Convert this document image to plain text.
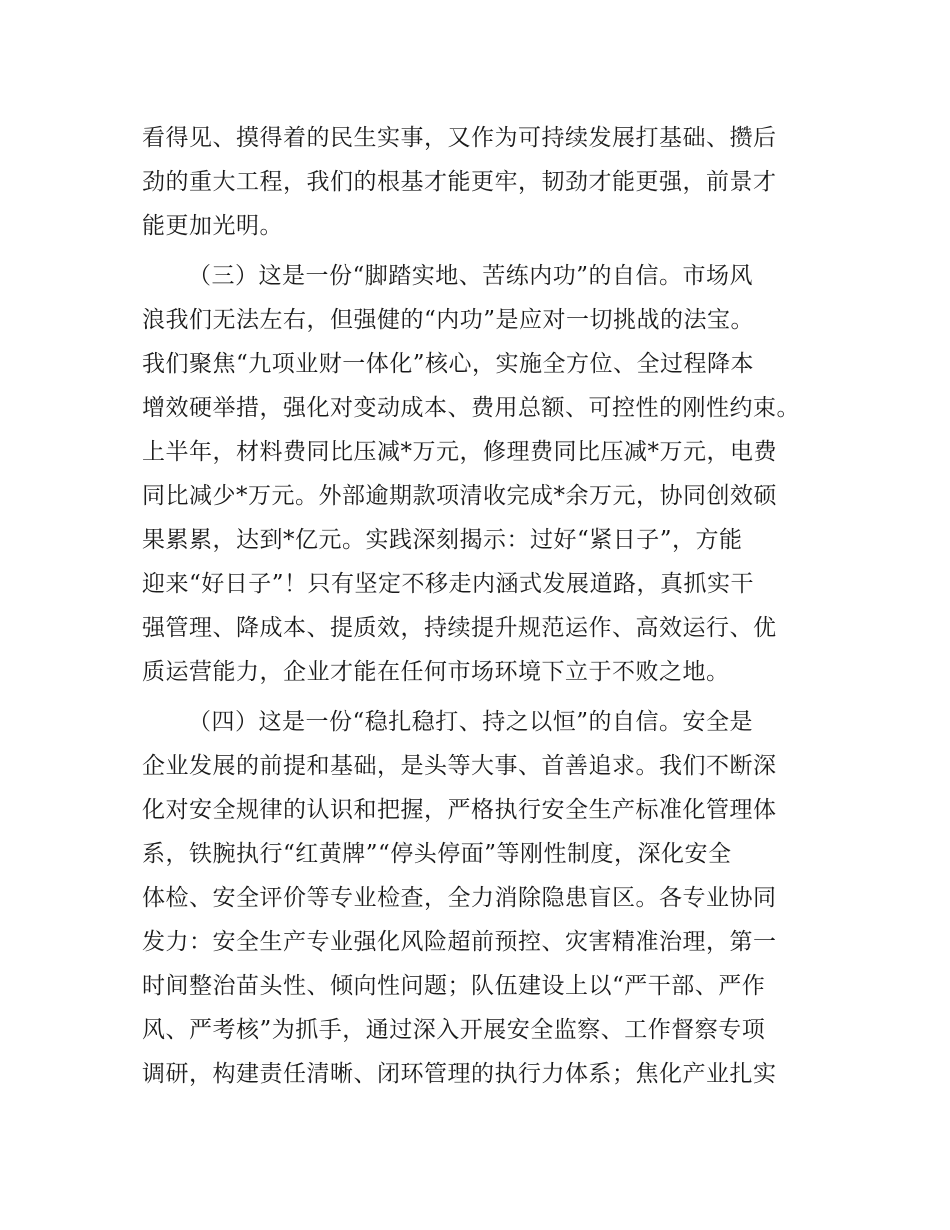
看得见、摸得着的民生实事，又作为可持续发展打基础、攒后
劲的重大工程，我们的根基才能更牢，韧劲才能更强，前景才
能更加光明。
（三）这是一份“脚踏实地、苦练内功”的自信。市场风
浪我们无法左右，但强健的“内功”是应对一切挑战的法宝。
我们聚焦“九项业财一体化”核心，实施全方位、全过程降本
增效硬举措，强化对变动成本、费用总额、可控性的刚性约束。
上半年，材料费同比压减*万元，修理费同比压减*万元，电费
同比减少*万元。外部逾期款项清收完成*余万元，协同创效硕
果累累，达到*亿元。实践深刻揭示：过好“紧日子”，方能
迎来“好日子”！只有坚定不移走内涵式发展道路，真抓实干
强管理、降成本、提质效，持续提升规范运作、高效运行、优
质运营能力，企业才能在任何市场环境下立于不败之地。
（四）这是一份“稳扎稳打、持之以恒”的自信。安全是
企业发展的前提和基础，是头等大事、首善追求。我们不断深
化对安全规律的认识和把握，严格执行安全生产标准化管理体
系，铁腕执行“红黄牌”“停头停面”等刚性制度，深化安全
体检、安全评价等专业检查，全力消除隐患盲区。各专业协同
发力：安全生产专业强化风险超前预控、灾害精准治理，第一
时间整治苗头性、倾向性问题；队伍建设上以“严干部、严作
风、严考核”为抓手，通过深入开展安全监察、工作督察专项
调研，构建责任清晰、闭环管理的执行力体系；焦化产业扎实
